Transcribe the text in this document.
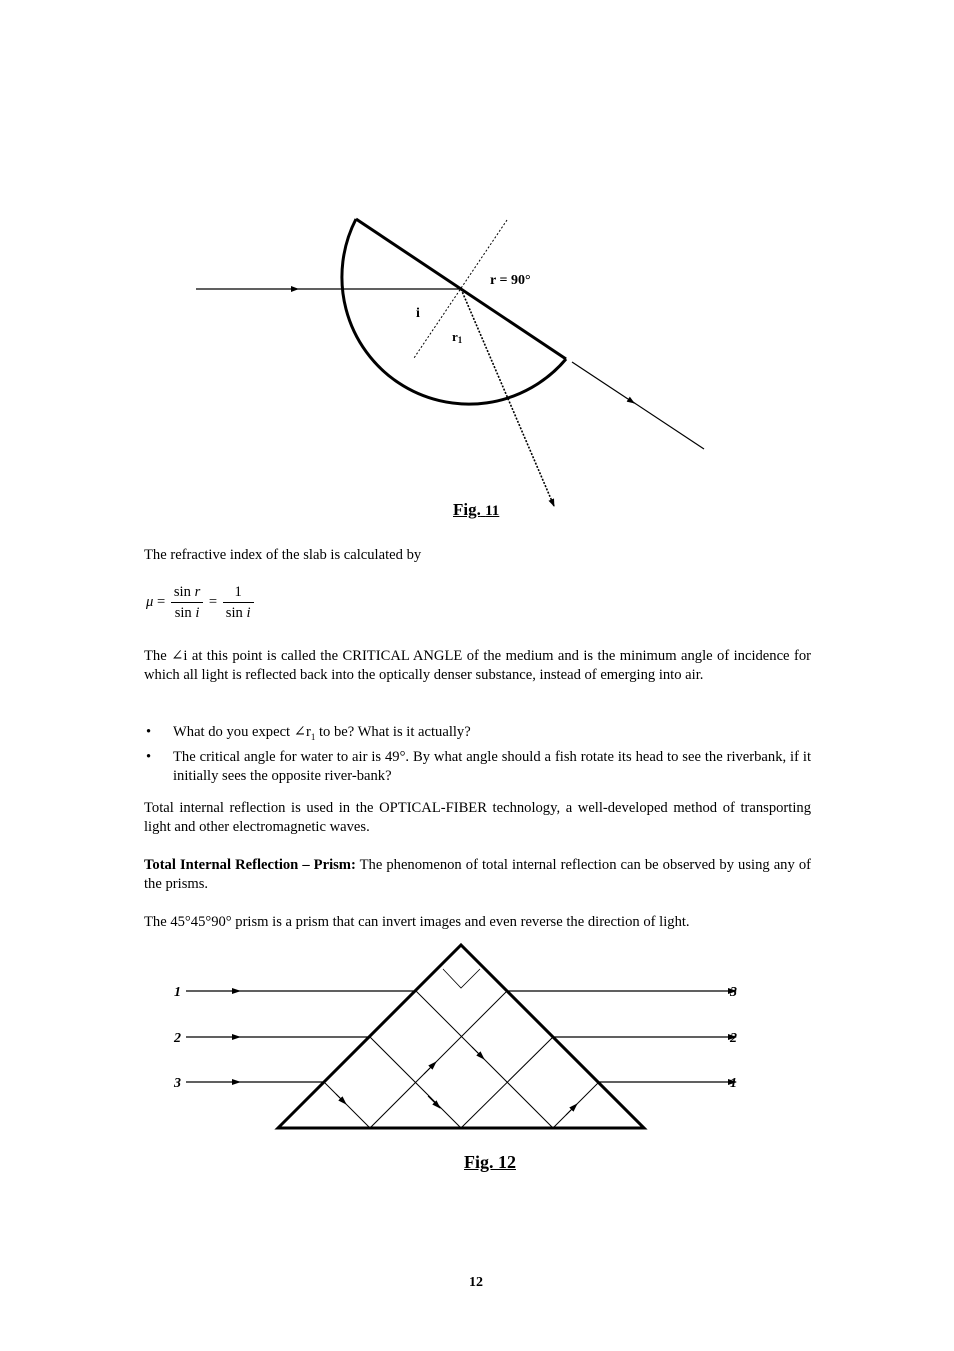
r = 90°
i
r1
Fig. 11
The refractive index of the slab is calculated by
$\mu = \frac{\text{sin r}}{\text{sin i}} = \frac{1}{\text{sin i}}$
The ∠i at this point is called the CRITICAL ANGLE of the medium and is the minimum angle of incidence for which all light is reflected back into the optically denser substance, instead of emerging into air.
• What do you expect $\angle r_1$ to be? What is it actually?
• The critical angle for water to air is 49°. By what angle should a fish rotate its head to see the riverbank, if it initially sees the opposite river-bank?
Total internal reflection is used in the OPTICAL-FIBER technology, a well-developed method of transporting light and other electromagnetic waves.
Total Internal Reflection – Prism: The phenomenon of total internal reflection can be observed by using any of the prisms.
The 45°45°90° prism is a prism that can invert images and even reverse the direction of light.
1
2
3
3
2
1
Fig. 12
12
